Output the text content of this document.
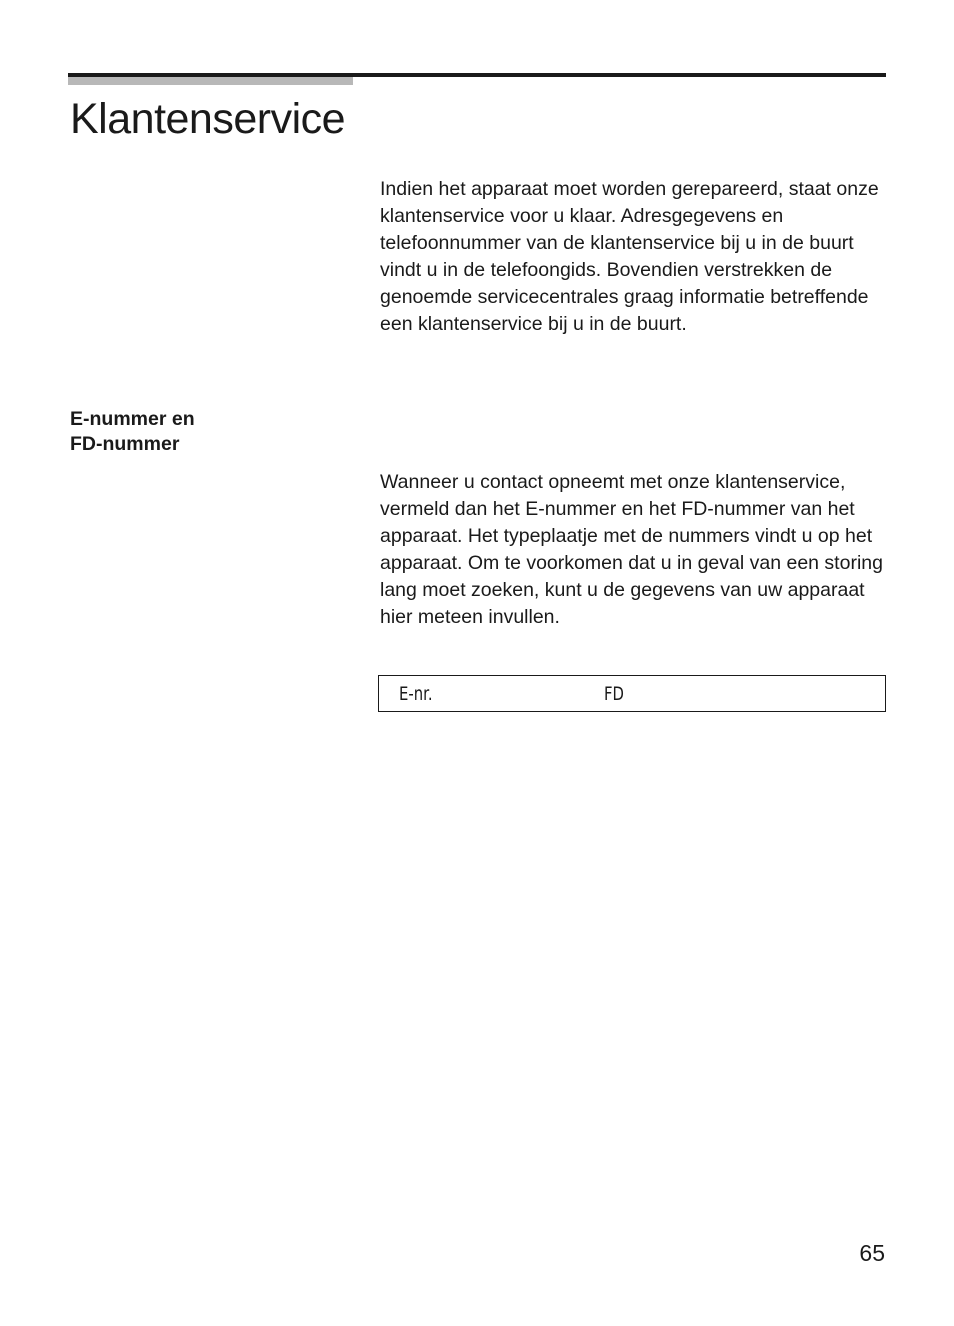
Klantenservice

Indien het apparaat moet worden gerepareerd, staat onze klantenservice voor u klaar. Adresgegevens en telefoonnummer van de klantenservice bij u in de buurt vindt u in de telefoongids. Bovendien verstrekken de genoemde servicecentrales graag informatie betreffende een klantenservice bij u in de buurt.

E-nummer en
FD-nummer

Wanneer u contact opneemt met onze klantenservice, vermeld dan het E-nummer en het FD-nummer van het apparaat. Het typeplaatje met de nummers vindt u op het apparaat. Om te voorkomen dat u in geval van een storing lang moet zoeken, kunt u de gegevens van uw apparaat hier meteen invullen.

E-nr.	FD

65
